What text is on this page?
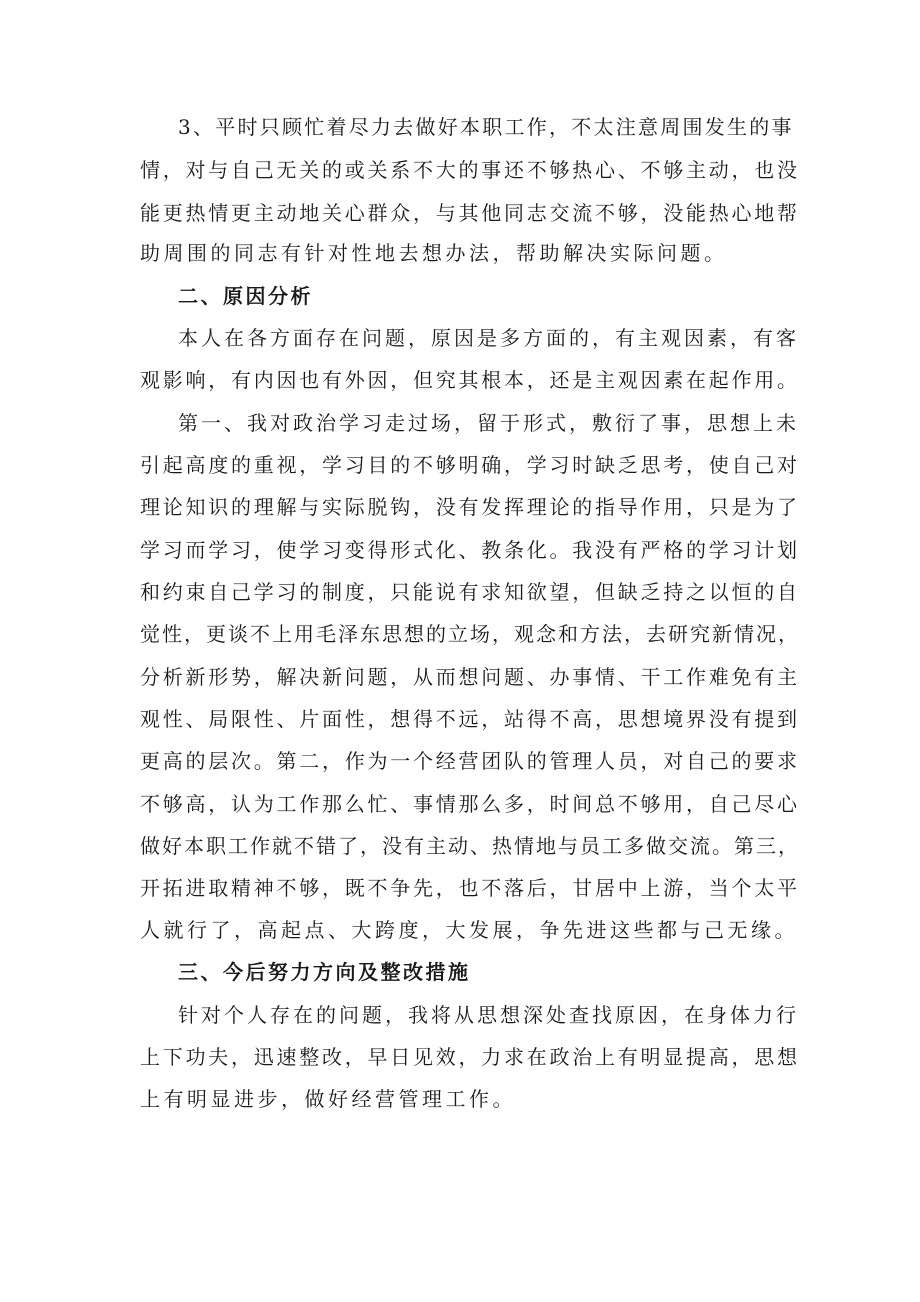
3、平时只顾忙着尽力去做好本职工作，不太注意周围发生的事
情，对与自己无关的或关系不大的事还不够热心、不够主动，也没
能更热情更主动地关心群众，与其他同志交流不够，没能热心地帮
助周围的同志有针对性地去想办法，帮助解决实际问题。
二、原因分析
本人在各方面存在问题，原因是多方面的，有主观因素，有客
观影响，有内因也有外因，但究其根本，还是主观因素在起作用。
第一、我对政治学习走过场，留于形式，敷衍了事，思想上未
引起高度的重视，学习目的不够明确，学习时缺乏思考，使自己对
理论知识的理解与实际脱钩，没有发挥理论的指导作用，只是为了
学习而学习，使学习变得形式化、教条化。我没有严格的学习计划
和约束自己学习的制度，只能说有求知欲望，但缺乏持之以恒的自
觉性，更谈不上用毛泽东思想的立场，观念和方法，去研究新情况，
分析新形势，解决新问题，从而想问题、办事情、干工作难免有主
观性、局限性、片面性，想得不远，站得不高，思想境界没有提到
更高的层次。第二，作为一个经营团队的管理人员，对自己的要求
不够高，认为工作那么忙、事情那么多，时间总不够用，自己尽心
做好本职工作就不错了，没有主动、热情地与员工多做交流。第三，
开拓进取精神不够，既不争先，也不落后，甘居中上游，当个太平
人就行了，高起点、大跨度，大发展，争先进这些都与己无缘。
三、今后努力方向及整改措施
针对个人存在的问题，我将从思想深处查找原因，在身体力行
上下功夫，迅速整改，早日见效，力求在政治上有明显提高，思想
上有明显进步，做好经营管理工作。
